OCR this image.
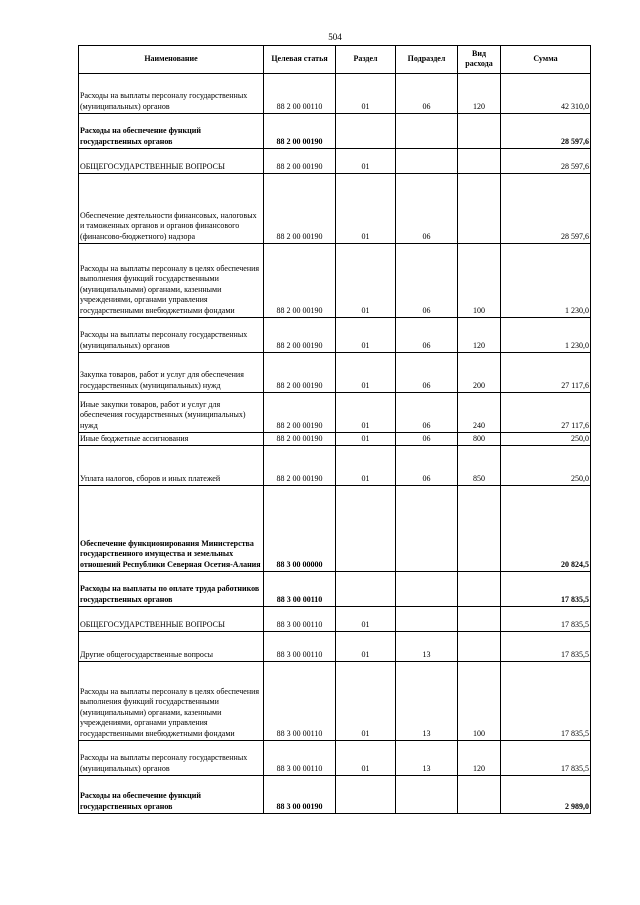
504
Наименование	Целевая статья	Раздел	Подраздел	Вид расхода	Сумма
Расходы на выплаты персоналу государственных (муниципальных) органов	88 2 00 00110	01	06	120	42 310,0
Расходы на обеспечение функций государственных органов	88 2 00 00190				28 597,6
ОБЩЕГОСУДАРСТВЕННЫЕ ВОПРОСЫ	88 2 00 00190	01			28 597,6
Обеспечение деятельности финансовых, налоговых и таможенных органов и органов финансового (финансово-бюджетного) надзора	88 2 00 00190	01	06		28 597,6
Расходы на выплаты персоналу в целях обеспечения выполнения функций государственными (муниципальными) органами, казенными учреждениями, органами управления государственными внебюджетными фондами	88 2 00 00190	01	06	100	1 230,0
Расходы на выплаты персоналу государственных (муниципальных) органов	88 2 00 00190	01	06	120	1 230,0
Закупка товаров, работ и услуг для обеспечения государственных (муниципальных) нужд	88 2 00 00190	01	06	200	27 117,6
Иные закупки товаров, работ и услуг для обеспечения государственных (муниципальных) нужд	88 2 00 00190	01	06	240	27 117,6
Иные бюджетные ассигнования	88 2 00 00190	01	06	800	250,0
Уплата налогов, сборов и иных платежей	88 2 00 00190	01	06	850	250,0
Обеспечение функционирования Министерства государственного имущества и земельных отношений Республики Северная Осетия-Алания	88 3 00 00000				20 824,5
Расходы на выплаты по оплате труда работников государственных органов	88 3 00 00110				17 835,5
ОБЩЕГОСУДАРСТВЕННЫЕ ВОПРОСЫ	88 3 00 00110	01			17 835,5
Другие общегосударственные вопросы	88 3 00 00110	01	13		17 835,5
Расходы на выплаты персоналу в целях обеспечения выполнения функций государственными (муниципальными) органами, казенными учреждениями, органами управления государственными внебюджетными фондами	88 3 00 00110	01	13	100	17 835,5
Расходы на выплаты персоналу государственных (муниципальных) органов	88 3 00 00110	01	13	120	17 835,5
Расходы на обеспечение функций государственных органов	88 3 00 00190				2 989,0
